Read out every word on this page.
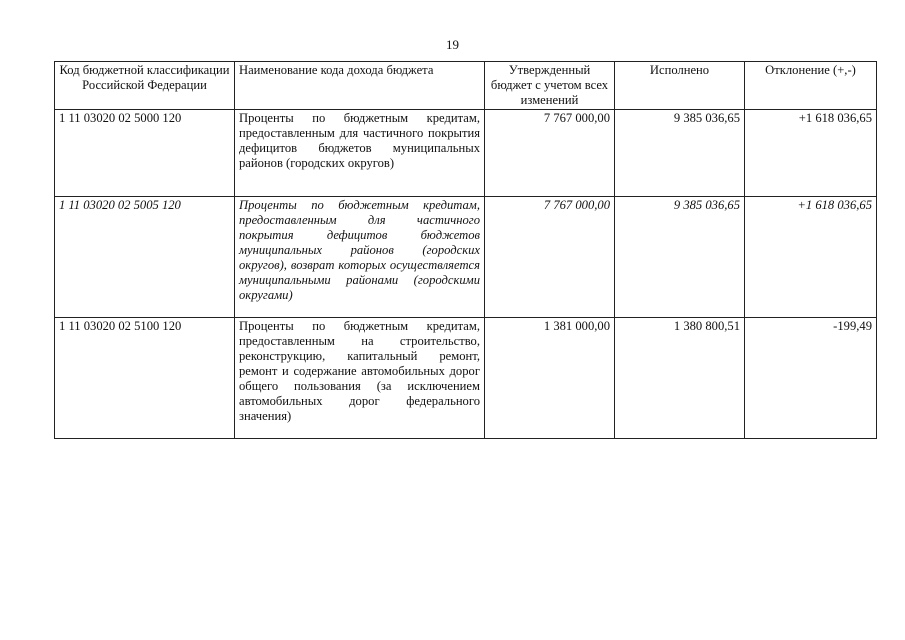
19
Код бюджетной классификации Российской Федерации	Наименование кода дохода бюджета	Утвержденный бюджет с учетом всех изменений	Исполнено	Отклонение (+,-)
1 11 03020 02 5000 120	Проценты по бюджетным кредитам, предоставленным для частичного покрытия дефицитов бюджетов муниципальных районов (городских округов)	7 767 000,00	9 385 036,65	+1 618 036,65
1 11 03020 02 5005 120	Проценты по бюджетным кредитам, предоставленным для частичного покрытия дефицитов бюджетов муниципальных районов (городских округов), возврат которых осуществляется муниципальными районами (городскими округами)	7 767 000,00	9 385 036,65	+1 618 036,65
1 11 03020 02 5100 120	Проценты по бюджетным кредитам, предоставленным на строительство, реконструкцию, капитальный ремонт, ремонт и содержание автомобильных дорог общего пользования (за исключением автомобильных дорог федерального значения)	1 381 000,00	1 380 800,51	-199,49
